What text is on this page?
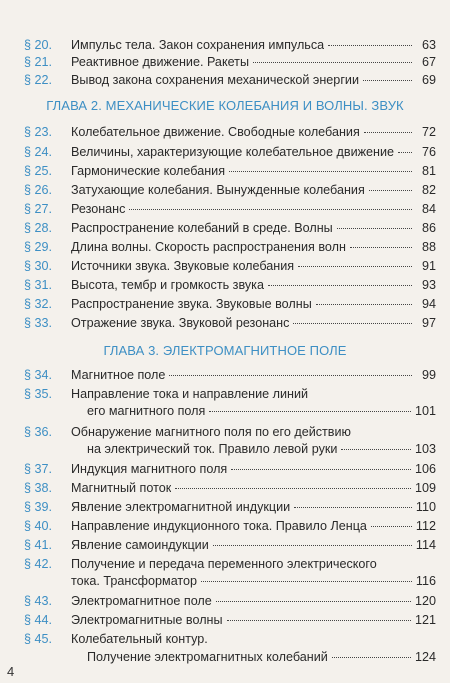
§ 20.	Импульс тела. Закон сохранения импульса	63
§ 21.	Реактивное движение. Ракеты	67
§ 22.	Вывод закона сохранения механической энергии	69
ГЛАВА 2. МЕХАНИЧЕСКИЕ КОЛЕБАНИЯ И ВОЛНЫ. ЗВУК
§ 23.	Колебательное движение. Свободные колебания	72
§ 24.	Величины, характеризующие колебательное движение	76
§ 25.	Гармонические колебания	81
§ 26.	Затухающие колебания. Вынужденные колебания	82
§ 27.	Резонанс	84
§ 28.	Распространение колебаний в среде. Волны	86
§ 29.	Длина волны. Скорость распространения волн	88
§ 30.	Источники звука. Звуковые колебания	91
§ 31.	Высота, тембр и громкость звука	93
§ 32.	Распространение звука. Звуковые волны	94
§ 33.	Отражение звука. Звуковой резонанс	97
ГЛАВА 3. ЭЛЕКТРОМАГНИТНОЕ ПОЛЕ
§ 34.	Магнитное поле	99
§ 35.	Направление тока и направление линий
его магнитного поля	101
§ 36.	Обнаружение магнитного поля по его действию
на электрический ток. Правило левой руки	103
§ 37.	Индукция магнитного поля	106
§ 38.	Магнитный поток	109
§ 39.	Явление электромагнитной индукции	110
§ 40.	Направление индукционного тока. Правило Ленца	112
§ 41.	Явление самоиндукции	114
§ 42.	Получение и передача переменного электрического
тока. Трансформатор	116
§ 43.	Электромагнитное поле	120
§ 44.	Электромагнитные волны	121
§ 45.	Колебательный контур.
Получение электромагнитных колебаний	124
4
